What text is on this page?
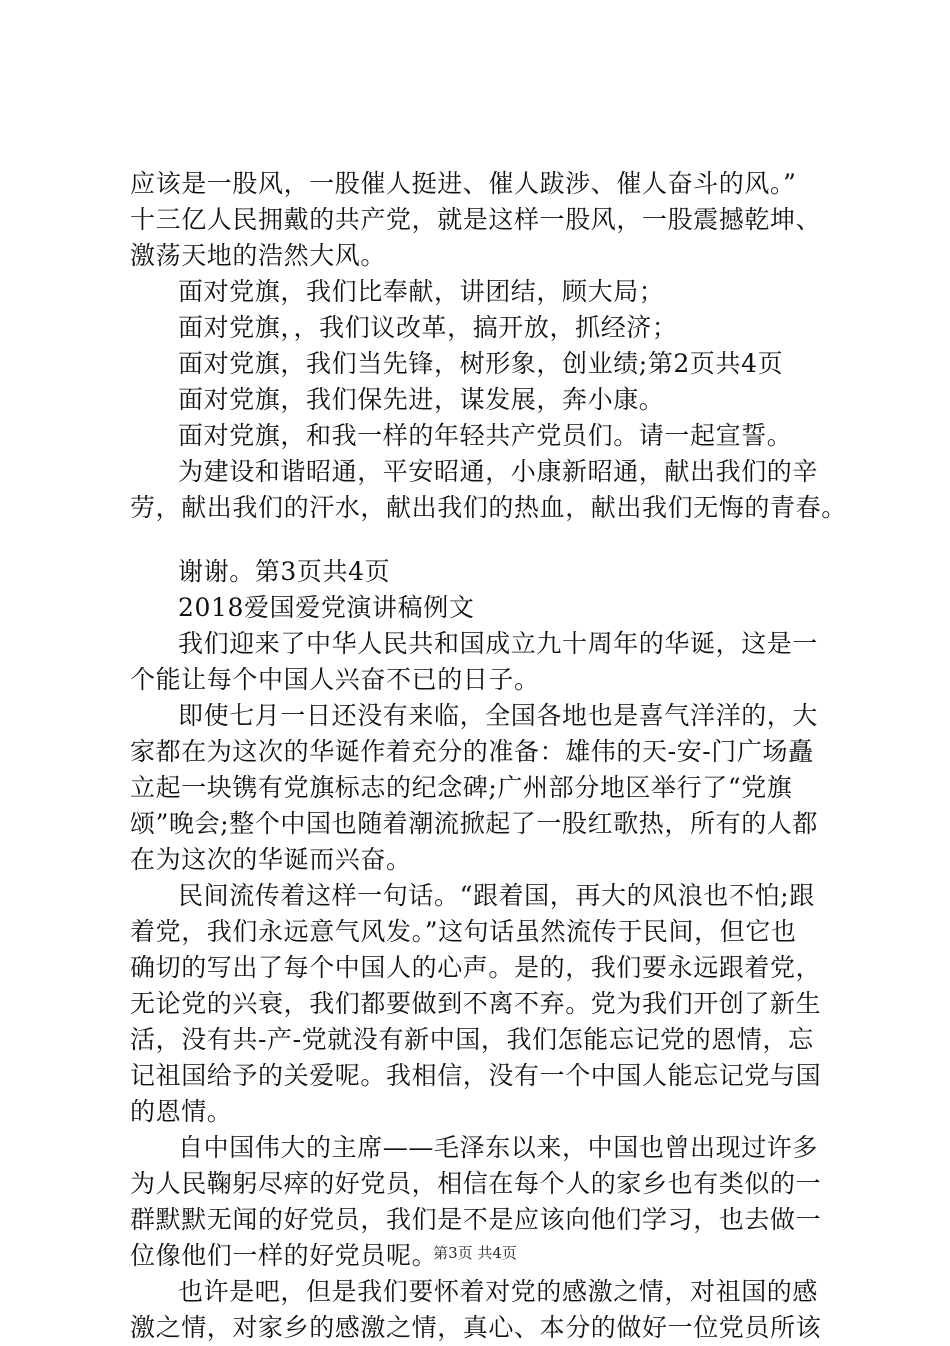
应该是一股风，一股催人挺进、催人跋涉、催人奋斗的风。”
十三亿人民拥戴的共产党，就是这样一股风，一股震撼乾坤、
激荡天地的浩然大风。
面对党旗，我们比奉献，讲团结，顾大局；
面对党旗，，我们议改革，搞开放，抓经济；
面对党旗，我们当先锋，树形象，创业绩;第2页共4页
面对党旗，我们保先进，谋发展，奔小康。
面对党旗，和我一样的年轻共产党员们。请一起宣誓。
为建设和谐昭通，平安昭通，小康新昭通，献出我们的辛
劳，献出我们的汗水，献出我们的热血，献出我们无悔的青春。
谢谢。第3页共4页
2018爱国爱党演讲稿例文
我们迎来了中华人民共和国成立九十周年的华诞，这是一
个能让每个中国人兴奋不已的日子。
即使七月一日还没有来临，全国各地也是喜气洋洋的，大
家都在为这次的华诞作着充分的准备：雄伟的天-安-门广场矗
立起一块镌有党旗标志的纪念碑;广州部分地区举行了“党旗
颂”晚会;整个中国也随着潮流掀起了一股红歌热，所有的人都
在为这次的华诞而兴奋。
民间流传着这样一句话。“跟着国，再大的风浪也不怕;跟
着党，我们永远意气风发。”这句话虽然流传于民间，但它也
确切的写出了每个中国人的心声。是的，我们要永远跟着党，
无论党的兴衰，我们都要做到不离不弃。党为我们开创了新生
活，没有共-产-党就没有新中国，我们怎能忘记党的恩情，忘
记祖国给予的关爱呢。我相信，没有一个中国人能忘记党与国
的恩情。
自中国伟大的主席——毛泽东以来，中国也曾出现过许多
为人民鞠躬尽瘁的好党员，相信在每个人的家乡也有类似的一
群默默无闻的好党员，我们是不是应该向他们学习，也去做一
位像他们一样的好党员呢。
也许是吧，但是我们要怀着对党的感激之情，对祖国的感
激之情，对家乡的感激之情，真心、本分的做好一位党员所该
第3页 共4页
